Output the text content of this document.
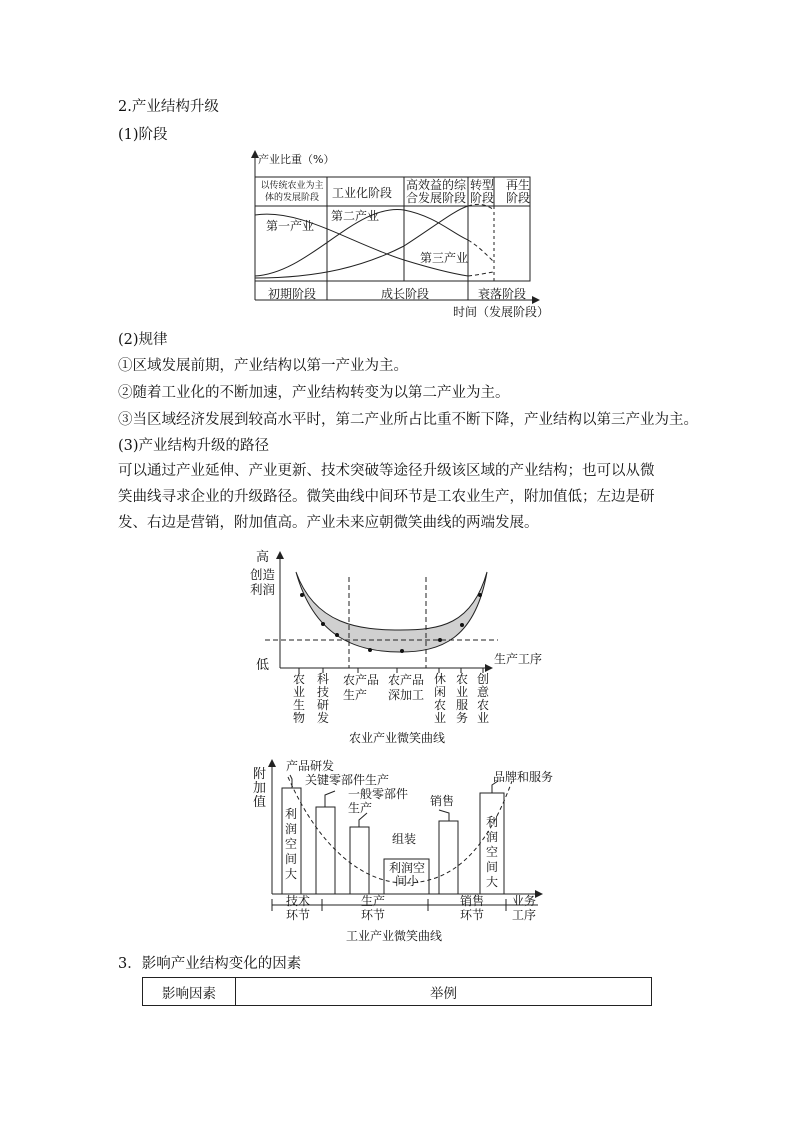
2.产业结构升级
(1)阶段
产业比重（%）
以传统农业为主体的发展阶段	工业化阶段
高效益的综合发展阶段
转型阶段
再生阶段
第一产业
第二产业
第三产业
初期阶段	成长阶段	衰落阶段
时间（发展阶段）
(2)规律
①区域发展前期，产业结构以第一产业为主。
②随着工业化的不断加速，产业结构转变为以第二产业为主。
③当区域经济发展到较高水平时，第二产业所占比重不断下降，产业结构以第三产业为主。
(3)产业结构升级的路径
可以通过产业延伸、产业更新、技术突破等途径升级该区域的产业结构；也可以从微笑曲线寻求企业的升级路径。微笑曲线中间环节是工农业生产，附加值低；左边是研发、右边是营销，附加值高。产业未来应朝微笑曲线的两端发展。
高
创造利润
低	生产工序
农业生物
科技研发
农产品生产
农产品深加工
休闲农业
农业服务
创意农业
农业产业微笑曲线
附加值
产品研发
关键零部件生产
一般零部件生产
组装
销售
品牌和服务
利润空间大	利润空间小
利润空间大
技术环节
生产环节
销售环节
业务工序
工业产业微笑曲线
3．影响产业结构变化的因素
影响因素	举例
